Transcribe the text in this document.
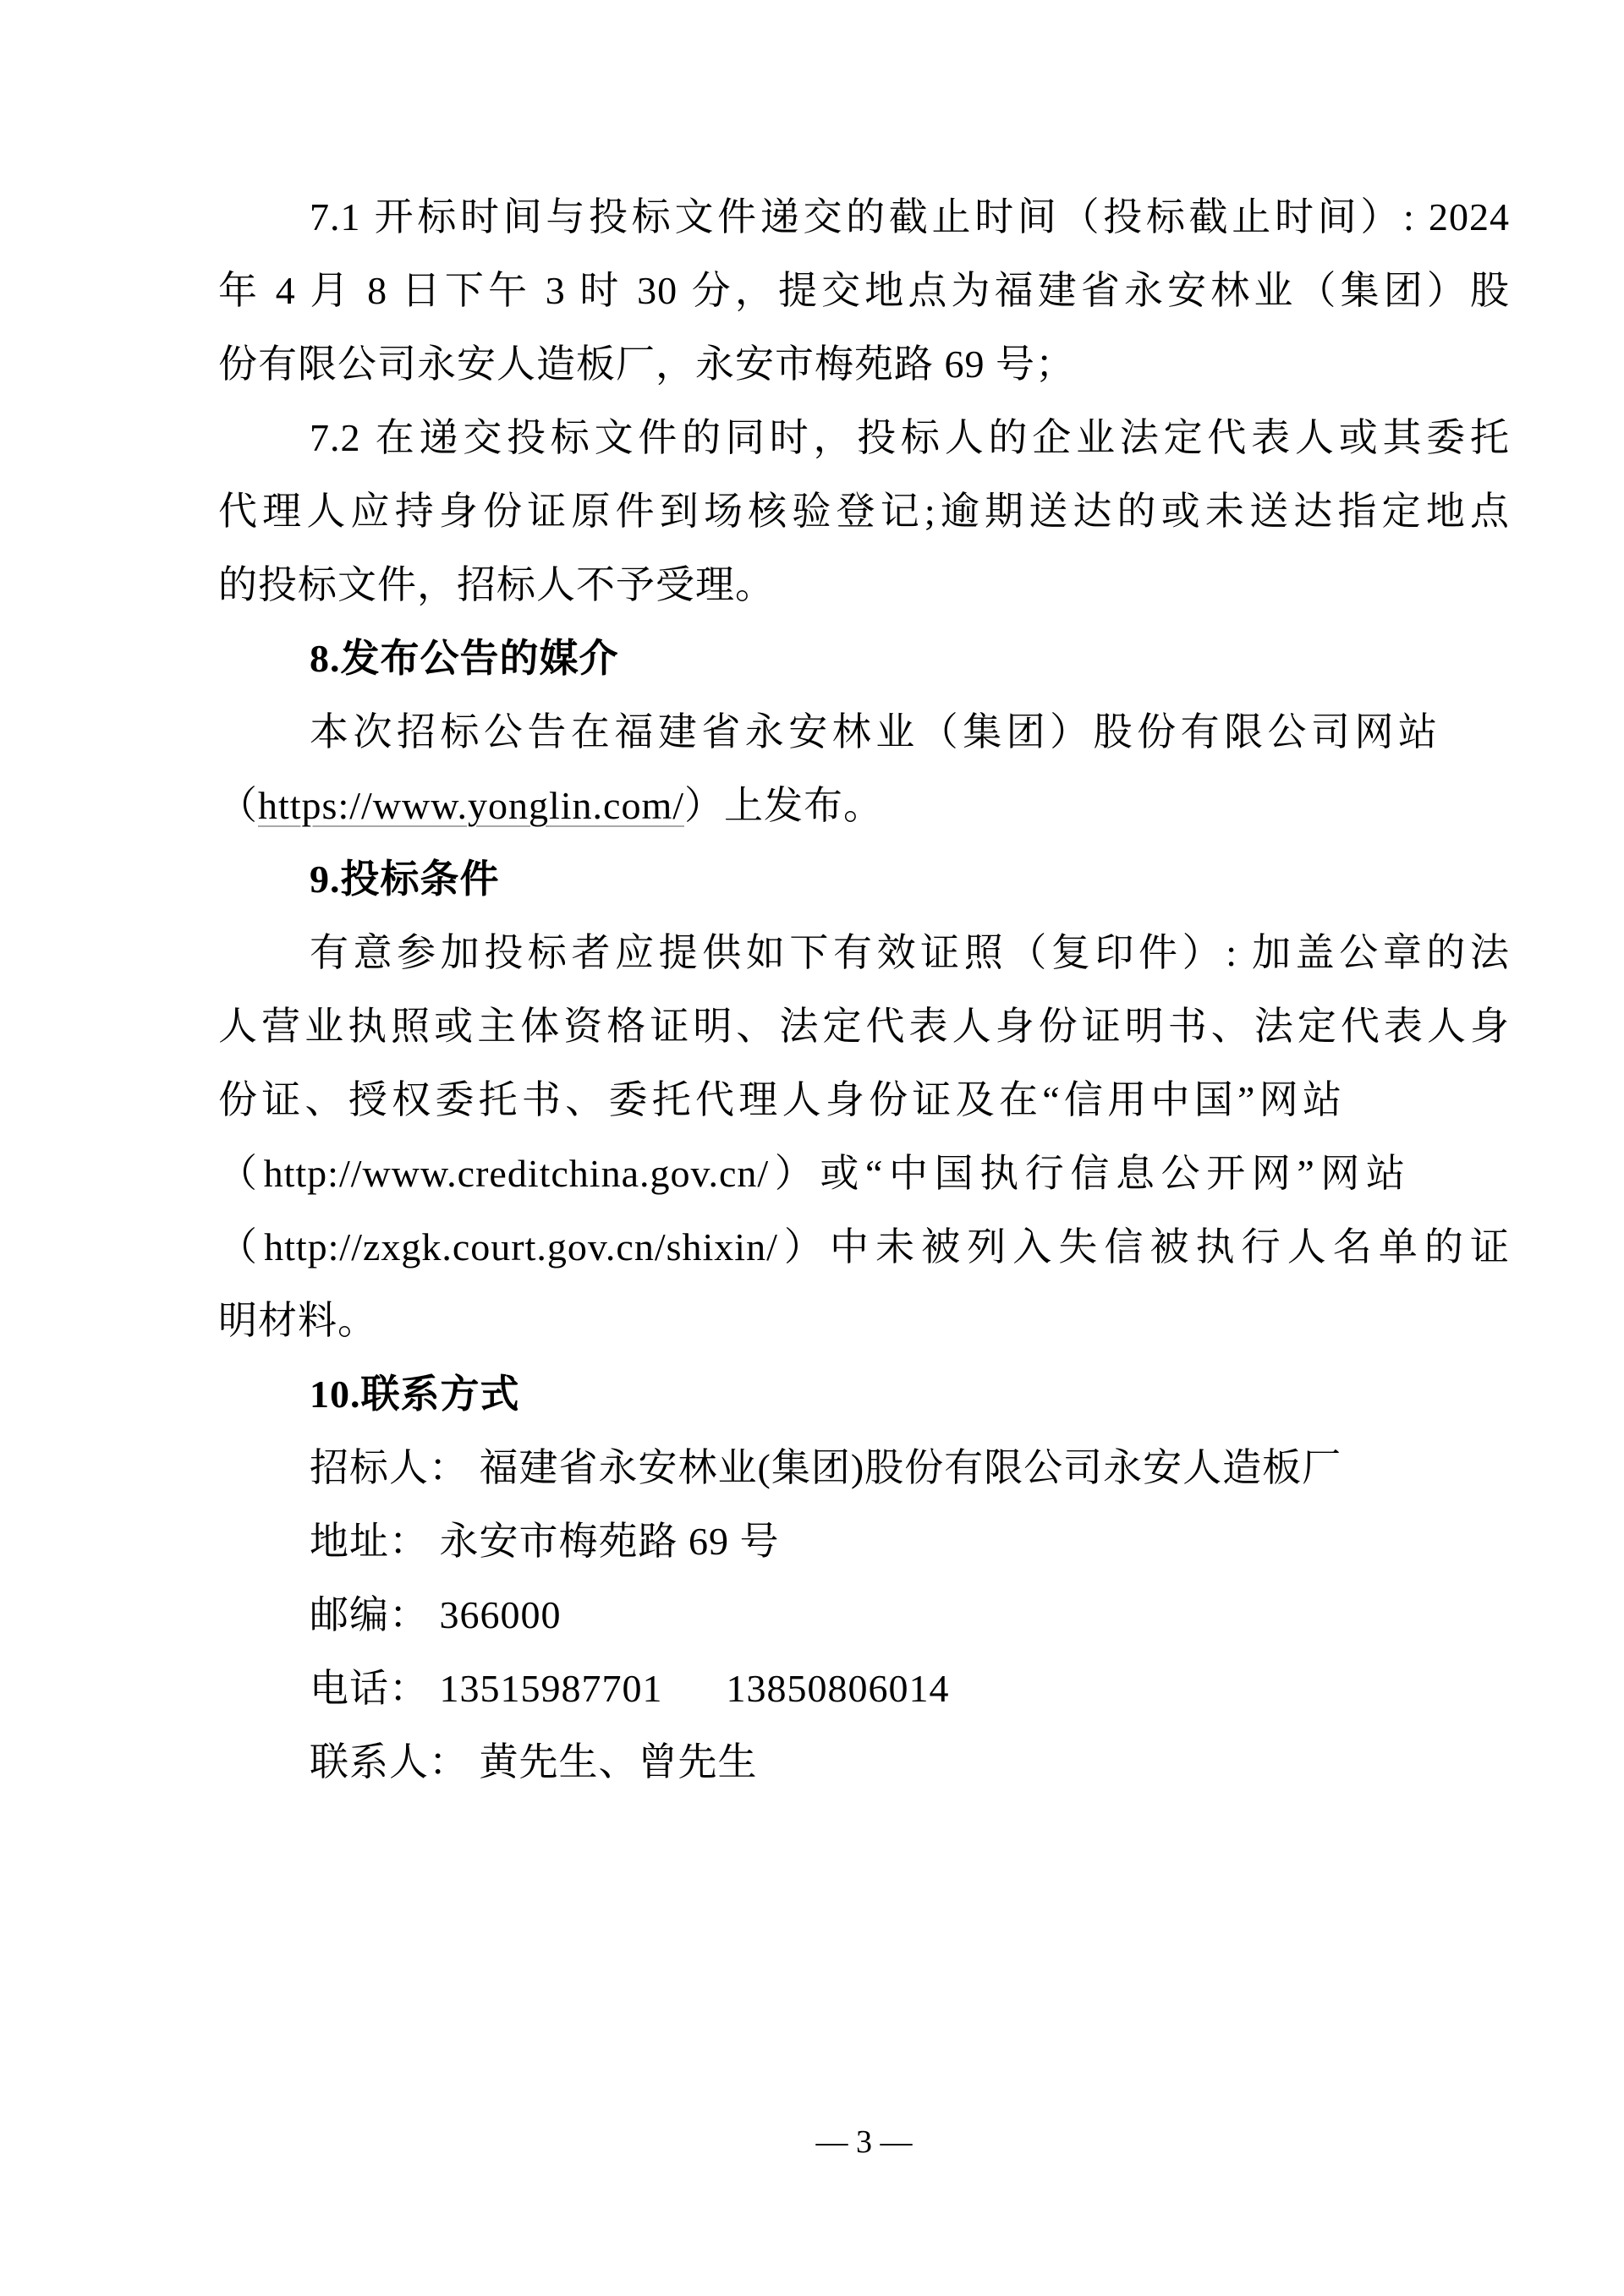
7.1 开标时间与投标文件递交的截止时间（投标截止时间）: 2024
年 4 月 8 日下午 3 时 30 分，提交地点为福建省永安林业（集团）股
份有限公司永安人造板厂，永安市梅苑路 69 号；
7.2 在递交投标文件的同时，投标人的企业法定代表人或其委托
代理人应持身份证原件到场核验登记;逾期送达的或未送达指定地点
的投标文件，招标人不予受理。
8.发布公告的媒介
本次招标公告在福建省永安林业（集团）股份有限公司网站
（https://www.yonglin.com/）上发布。
9.投标条件
有意参加投标者应提供如下有效证照（复印件）: 加盖公章的法
人营业执照或主体资格证明、法定代表人身份证明书、法定代表人身
份证、授权委托书、委托代理人身份证及在“信用中国”网站
（http://www.creditchina.gov.cn/）或“中国执行信息公开网”网站
（http://zxgk.court.gov.cn/shixin/）中未被列入失信被执行人名单的证
明材料。
10.联系方式
招标人： 福建省永安林业(集团)股份有限公司永安人造板厂
地址： 永安市梅苑路 69 号
邮编： 366000
电话： 13515987701      13850806014
联系人： 黄先生、曾先生
— 3 —
